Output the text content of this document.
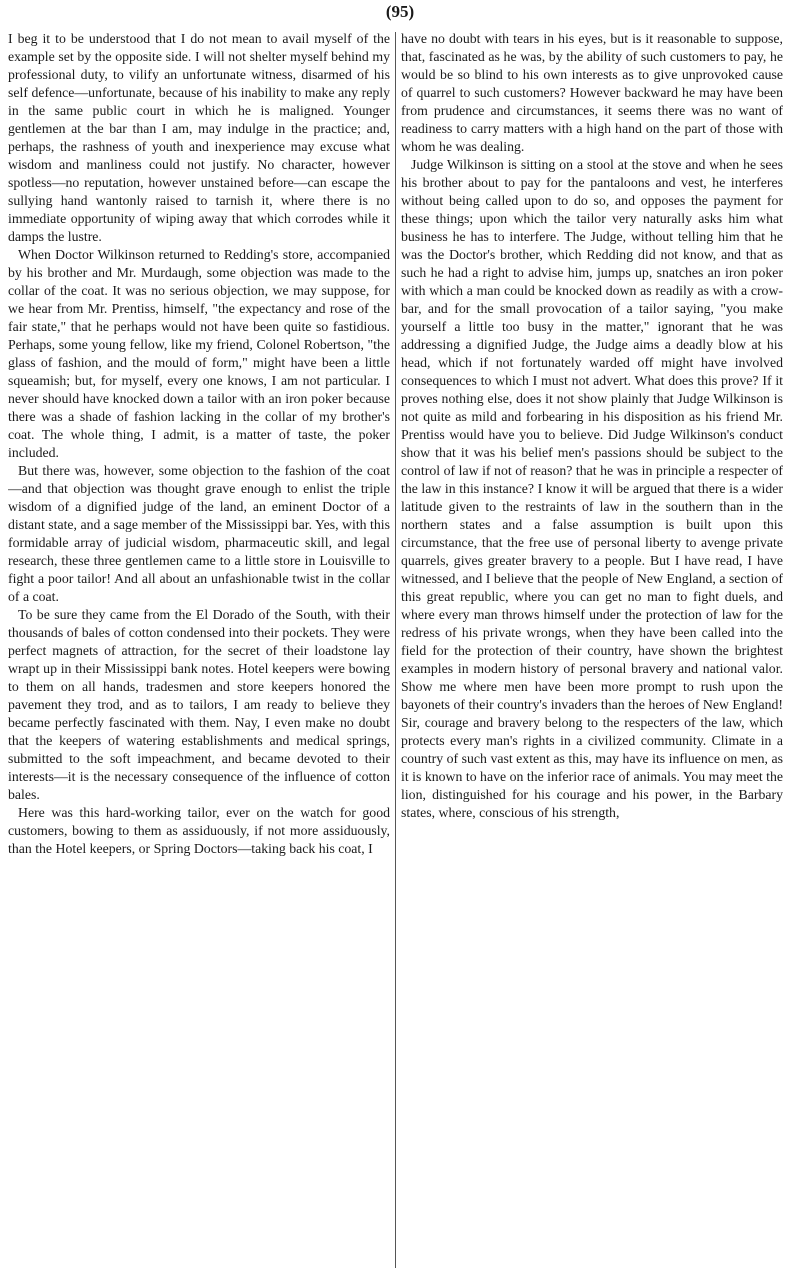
(95)

I beg it to be understood that I do not mean to avail myself of the example set by the opposite side. I will not shelter myself behind my professional duty, to vilify an unfortunate witness, disarmed of his self defence—unfortunate, because of his inability to make any reply in the same public court in which he is maligned. Younger gentlemen at the bar than I am, may indulge in the practice; and, perhaps, the rashness of youth and inexperience may excuse what wisdom and manliness could not justify. No character, however spotless—no reputation, however unstained before—can escape the sullying hand wantonly raised to tarnish it, where there is no immediate opportunity of wiping away that which corrodes while it damps the lustre.

When Doctor Wilkinson returned to Redding's store, accompanied by his brother and Mr. Murdaugh, some objection was made to the collar of the coat. It was no serious objection, we may suppose, for we hear from Mr. Prentiss, himself, "the expectancy and rose of the fair state," that he perhaps would not have been quite so fastidious. Perhaps, some young fellow, like my friend, Colonel Robertson, "the glass of fashion, and the mould of form," might have been a little squeamish; but, for myself, every one knows, I am not particular. I never should have knocked down a tailor with an iron poker because there was a shade of fashion lacking in the collar of my brother's coat. The whole thing, I admit, is a matter of taste, the poker included.

But there was, however, some objection to the fashion of the coat—and that objection was thought grave enough to enlist the triple wisdom of a dignified judge of the land, an eminent Doctor of a distant state, and a sage member of the Mississippi bar. Yes, with this formidable array of judicial wisdom, pharmaceutic skill, and legal research, these three gentlemen came to a little store in Louisville to fight a poor tailor! And all about an unfashionable twist in the collar of a coat.

To be sure they came from the El Dorado of the South, with their thousands of bales of cotton condensed into their pockets. They were perfect magnets of attraction, for the secret of their loadstone lay wrapt up in their Mississippi bank notes. Hotel keepers were bowing to them on all hands, tradesmen and store keepers honored the pavement they trod, and as to tailors, I am ready to believe they became perfectly fascinated with them. Nay, I even make no doubt that the keepers of watering establishments and medical springs, submitted to the soft impeachment, and became devoted to their interests—it is the necessary consequence of the influence of cotton bales.

Here was this hard-working tailor, ever on the watch for good customers, bowing to them as assiduously, if not more assiduously, than the Hotel keepers, or Spring Doctors—taking back his coat, I

have no doubt with tears in his eyes, but is it reasonable to suppose, that, fascinated as he was, by the ability of such customers to pay, he would be so blind to his own interests as to give unprovoked cause of quarrel to such customers? However backward he may have been from prudence and circumstances, it seems there was no want of readiness to carry matters with a high hand on the part of those with whom he was dealing.

Judge Wilkinson is sitting on a stool at the stove and when he sees his brother about to pay for the pantaloons and vest, he interferes without being called upon to do so, and opposes the payment for these things; upon which the tailor very naturally asks him what business he has to interfere. The Judge, without telling him that he was the Doctor's brother, which Redding did not know, and that as such he had a right to advise him, jumps up, snatches an iron poker with which a man could be knocked down as readily as with a crow-bar, and for the small provocation of a tailor saying, "you make yourself a little too busy in the matter," ignorant that he was addressing a dignified Judge, the Judge aims a deadly blow at his head, which if not fortunately warded off might have involved consequences to which I must not advert. What does this prove? If it proves nothing else, does it not show plainly that Judge Wilkinson is not quite as mild and forbearing in his disposition as his friend Mr. Prentiss would have you to believe. Did Judge Wilkinson's conduct show that it was his belief men's passions should be subject to the control of law if not of reason? that he was in principle a respecter of the law in this instance? I know it will be argued that there is a wider latitude given to the restraints of law in the southern than in the northern states and a false assumption is built upon this circumstance, that the free use of personal liberty to avenge private quarrels, gives greater bravery to a people. But I have read, I have witnessed, and I believe that the people of New England, a section of this great republic, where you can get no man to fight duels, and where every man throws himself under the protection of law for the redress of his private wrongs, when they have been called into the field for the protection of their country, have shown the brightest examples in modern history of personal bravery and national valor. Show me where men have been more prompt to rush upon the bayonets of their country's invaders than the heroes of New England! Sir, courage and bravery belong to the respecters of the law, which protects every man's rights in a civilized community. Climate in a country of such vast extent as this, may have its influence on men, as it is known to have on the inferior race of animals. You may meet the lion, distinguished for his courage and his power, in the Barbary states, where, conscious of his strength,
